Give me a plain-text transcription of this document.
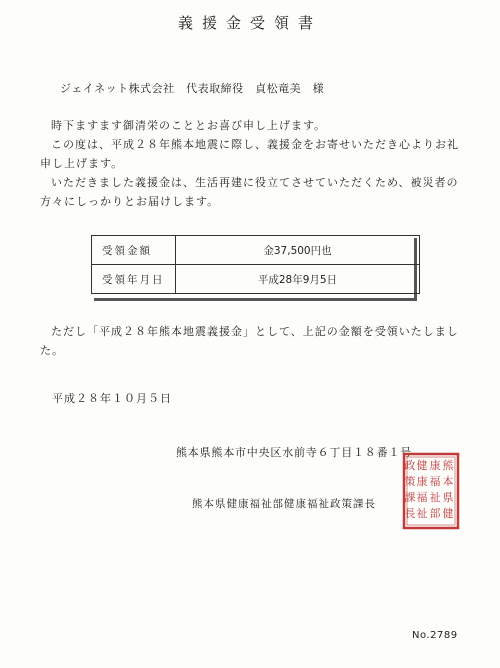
義援金受領書
ジェイネット株式会社　代表取締役　貞松竜美　様

時下ますます御清栄のこととお喜び申し上げます。

この度は、平成２８年熊本地震に際し、義援金をお寄せいただき心よりお礼申し上げます。

いただきました義援金は、生活再建に役立てさせていただくため、被災者の方々にしっかりとお届けします。

受領金額	金37,500円也
受領年月日	平成28年9月5日

ただし「平成２８年熊本地震義援金」として、上記の金額を受領いたしました。

平成２８年１０月５日
熊本県熊本市中央区水前寺６丁目１８番１号
熊本県健康福祉部健康福祉政策課長
熊
本
県
健
康
福
祉
部
健
康
福
祉
政
策
課
長
No.2789
